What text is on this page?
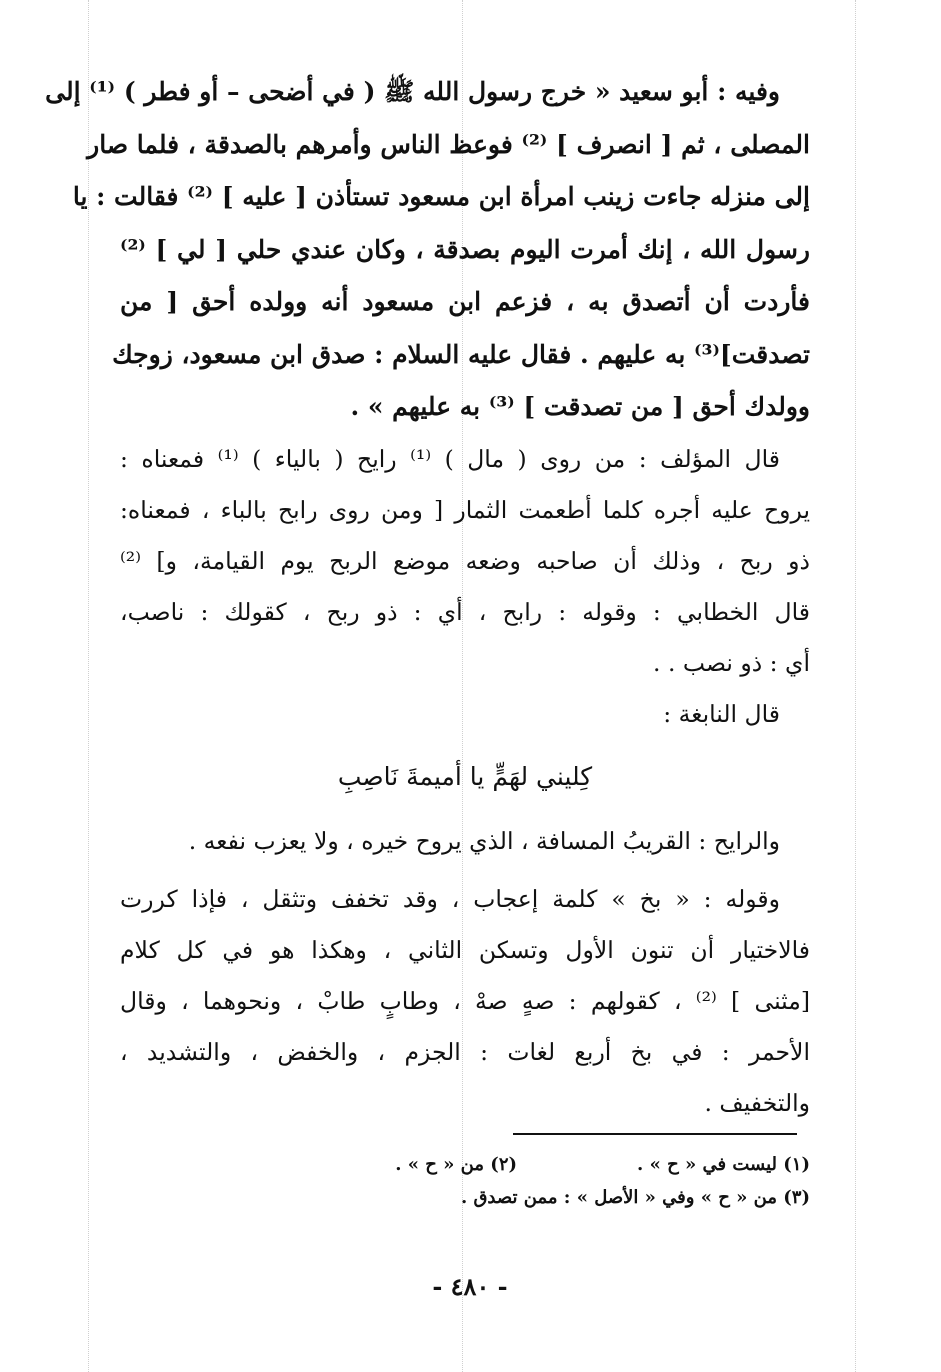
وفيه : أبو سعيد « خرج رسول الله ﷺ ( في أضحى – أو فطر ) ⁽¹⁾ إلى
المصلى ، ثم [ انصرف ] ⁽²⁾ فوعظ الناس وأمرهم بالصدقة ، فلما صار
إلى منزله جاءت زينب امرأة ابن مسعود تستأذن [ عليه ] ⁽²⁾ فقالت : يا
رسول الله ، إنك أمرت اليوم بصدقة ، وكان عندي حلي [ لي ] ⁽²⁾
فأردت أن أتصدق به ، فزعم ابن مسعود أنه وولده أحق [ من
تصدقت]⁽³⁾ به عليهم . فقال عليه السلام : صدق ابن مسعود، زوجك
وولدك أحق [ من تصدقت ] ⁽³⁾ به عليهم » .
قال المؤلف : من روى ( مال ) ⁽¹⁾ رايح ( بالياء ) ⁽¹⁾ فمعناه :
يروح عليه أجره كلما أطعمت الثمار [ ومن روى رابح بالباء ، فمعناه:
ذو ربح ، وذلك أن صاحبه وضعه موضع الربح يوم القيامة، و] ⁽²⁾
قال الخطابي : وقوله : رابح ، أي : ذو ربح ، كقولك : ناصب،
أي : ذو نصب . .
قال النابغة :
كِليني لهَمٍّ يا أميمةَ نَاصِبِ
والرايح : القريبُ المسافة ، الذي يروح خيره ، ولا يعزب نفعه .
وقوله : « بخ » كلمة إعجاب ، وقد تخفف وتثقل ، فإذا كررت
فالاختيار أن تنون الأول وتسكن الثاني ، وهكذا هو في كل كلام
[مثنى ] ⁽²⁾ ، كقولهم : صهٍ صهْ ، وطابٍ طابْ ، ونحوهما ، وقال
الأحمر : في بخ أربع لغات : الجزم ، والخفض ، والتشديد ،
والتخفيف .
(١) ليست في « ح » .(٢) من « ح » .
(٣) من « ح » وفي « الأصل » : ممن تصدق .
- ٤٨٠ -
